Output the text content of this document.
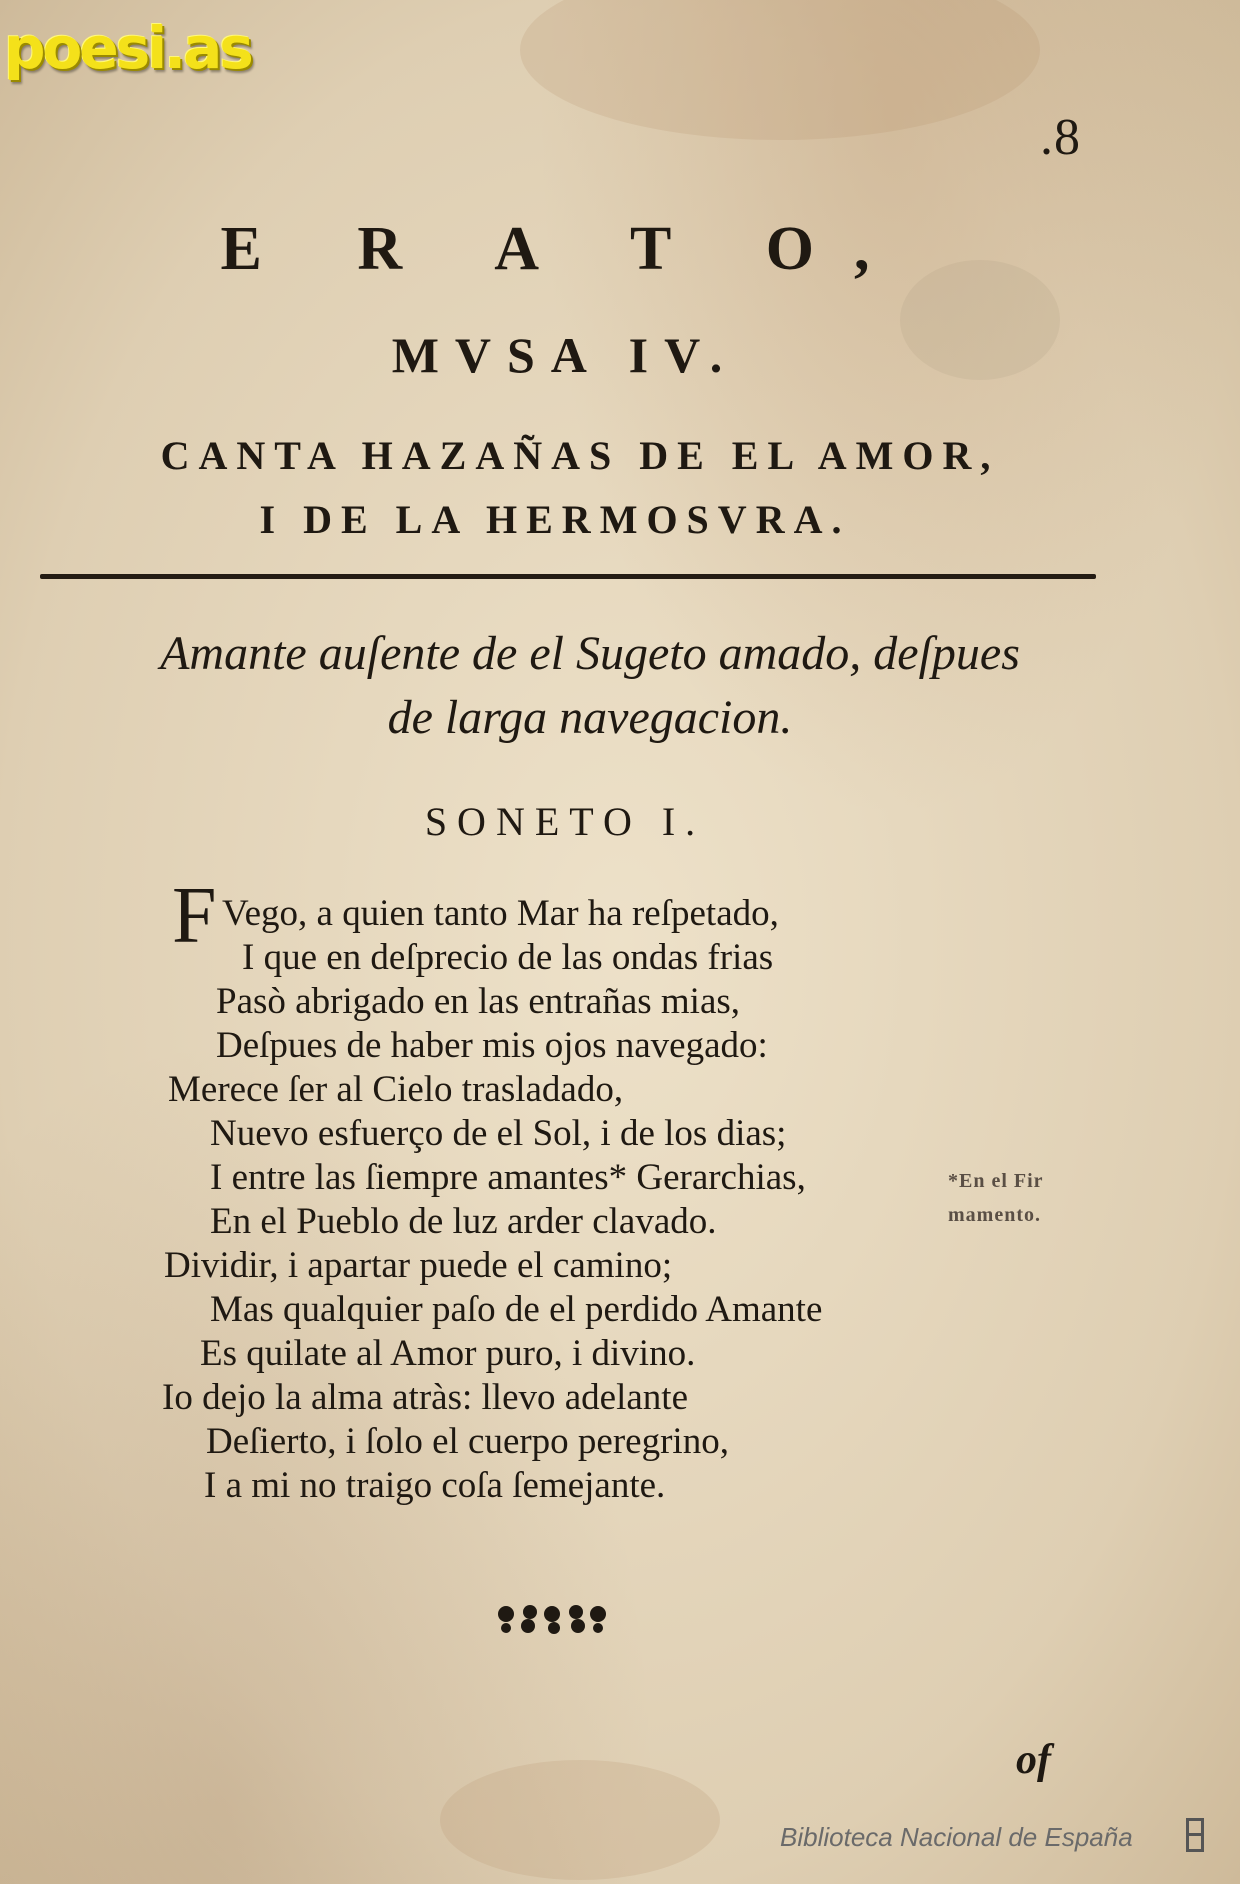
poesi.as
.8
E R A T O,
MVSA IV.
CANTA HAZAÑAS DE EL AMOR,
I DE LA HERMOSVRA.
Amante auſente de el Sugeto amado, deſpues
de larga navegacion.
SONETO I.
F Vego, a quien tanto Mar ha reſpetado,
I que en deſprecio de las ondas frias
Pasò abrigado en las entrañas mias,
Deſpues de haber mis ojos navegado:
Merece ſer al Cielo trasladado,
Nuevo esfuerço de el Sol, i de los dias;
I entre las ſiempre amantes* Gerarchias,
En el Pueblo de luz arder clavado.
Dividir, i apartar puede el camino;
Mas qualquier paſo de el perdido Amante
Es quilate al Amor puro, i divino.
Io dejo la alma atràs: llevo adelante
Deſierto, i ſolo el cuerpo peregrino,
I a mi no traigo coſa ſemejante.
*En el Fir
mamento.
of
Biblioteca Nacional de España
